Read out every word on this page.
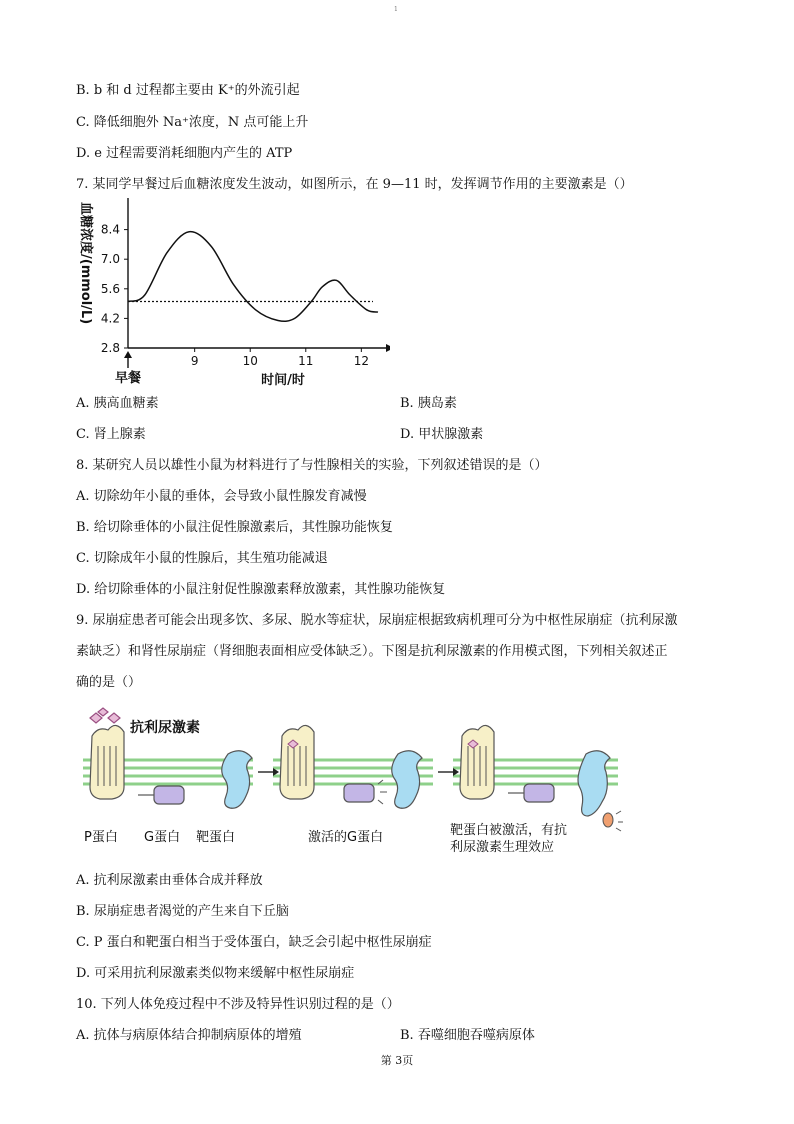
1
B. b 和 d 过程都主要由 K⁺的外流引起
C. 降低细胞外 Na⁺浓度，N 点可能上升
D. e 过程需要消耗细胞内产生的 ATP
7. 某同学早餐过后血糖浓度发生波动，如图所示，在 9—11 时，发挥调节作用的主要激素是（）
2.8
4.2
5.6
7.0
8.4
9	10	11	12
早餐	时间/时
血糖浓度/(mmol/L)
A. 胰高血糖素	B. 胰岛素
C. 肾上腺素	D. 甲状腺激素
8. 某研究人员以雄性小鼠为材料进行了与性腺相关的实验，下列叙述错误的是（）
A. 切除幼年小鼠的垂体，会导致小鼠性腺发育减慢
B. 给切除垂体的小鼠注促性腺激素后，其性腺功能恢复
C. 切除成年小鼠的性腺后，其生殖功能减退
D. 给切除垂体的小鼠注射促性腺激素释放激素，其性腺功能恢复
9. 尿崩症患者可能会出现多饮、多尿、脱水等症状，尿崩症根据致病机理可分为中枢性尿崩症（抗利尿激
素缺乏）和肾性尿崩症（肾细胞表面相应受体缺乏）。下图是抗利尿激素的作用模式图，下列相关叙述正
确的是（）
抗利尿激素
P蛋白 G蛋白 靶蛋白	激活的G蛋白	靶蛋白被激活，有抗
利尿激素生理效应
A. 抗利尿激素由垂体合成并释放
B. 尿崩症患者渴觉的产生来自下丘脑
C. P 蛋白和靶蛋白相当于受体蛋白，缺乏会引起中枢性尿崩症
D. 可采用抗利尿激素类似物来缓解中枢性尿崩症
10. 下列人体免疫过程中不涉及特异性识别过程的是（）
A. 抗体与病原体结合抑制病原体的增殖	B. 吞噬细胞吞噬病原体
第 3页
